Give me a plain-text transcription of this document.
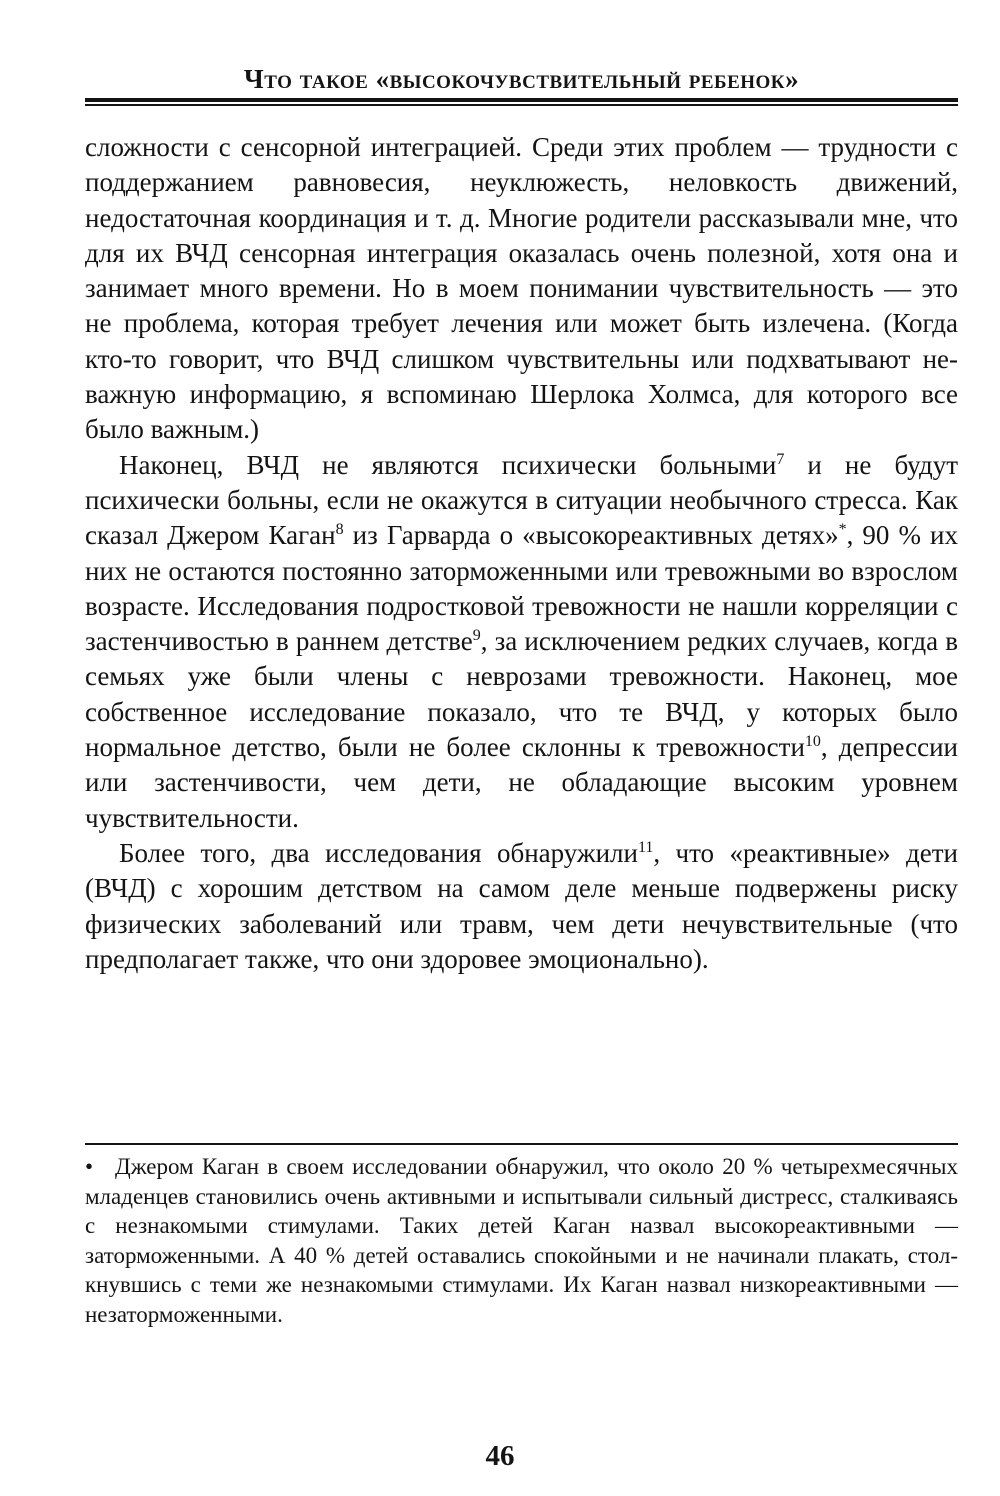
Что такое «высокочувствительный ребенок»

сложности с сенсорной интеграцией. Среди этих проблем — трудности с поддержанием равновесия, неуклюжесть, неловкость движений, недостаточная координация и т. д. Многие родители рассказывали мне, что для их ВЧД сенсорная интеграция оказалась очень полезной, хотя она и занимает много времени. Но в моем понимании чувствительность — это не проблема, которая требует лечения или может быть излечена. (Когда кто-то говорит, что ВЧД слишком чувствительны или подхватывают неважную информацию, я вспоминаю Шерлока Холмса, для которого все было важным.)

Наконец, ВЧД не являются психически больными$^7$ и не будут психически больны, если не окажутся в ситуации необычного стресса. Как сказал Джером Каган$^8$ из Гарварда о «высокореактивных детях»*, 90 % их них не остаются постоянно заторможенными или тревожными во взрослом возрасте. Исследования подростковой тревожности не нашли корреляции с застенчивостью в раннем детстве$^9$, за исключением редких случаев, когда в семьях уже были члены с неврозами тревожности. Наконец, мое собственное исследование показало, что те ВЧД, у которых было нормальное детство, были не более склонны к тревожности$^{10}$, депрессии или застенчивости, чем дети, не обладающие высоким уровнем чувствительности.

Более того, два исследования обнаружили$^{11}$, что «реактивные» дети (ВЧД) с хорошим детством на самом деле меньше подвержены риску физических заболеваний или травм, чем дети нечувствительные (что предполагает также, что они здоровее эмоционально).

• Джером Каган в своем исследовании обнаружил, что около 20 % четырехмесячных младенцев становились очень активными и испытывали сильный дистресс, сталкиваясь с незнакомыми стимулами. Таких детей Каган назвал высокореактивными — заторможенными. А 40 % детей оставались спокойными и не начинали плакать, столкнувшись с теми же незнакомыми стимулами. Их Каган назвал низкореактивными — незаторможенными.
46
